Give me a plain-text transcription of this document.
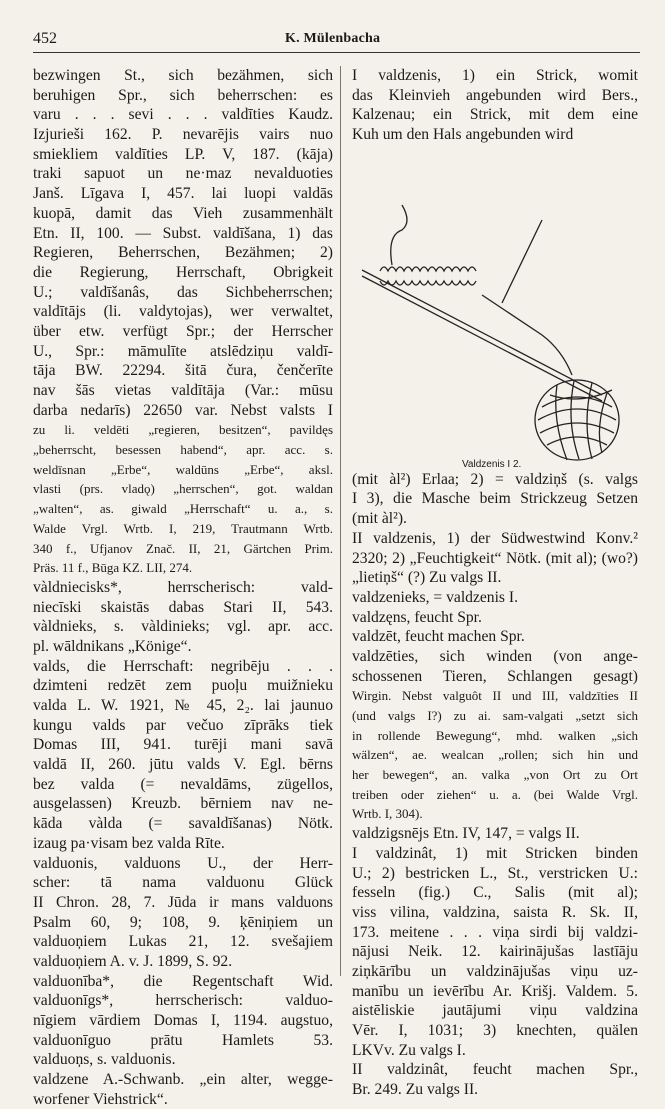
452	K. Mülenbacha
bezwingen St., sich bezähmen, sich
beruhigen Spr., sich beherrschen: es
varu . . . sevi . . . valdīties Kaudz.
Izjurieši 162. P. nevarējis vairs nuo
smiekliem valdīties LP. V, 187. (kāja)
traki sapuot un ne·maz nevalduoties
Janš. Līgava I, 457. lai luopi valdās
kuopā, damit das Vieh zusammenhält
Etn. II, 100. — Subst. valdīšana, 1) das
Regieren, Beherrschen, Bezähmen; 2)
die Regierung, Herrschaft, Obrigkeit
U.; valdīšanâs, das Sichbeherrschen;
valdītājs (li. valdytojas), wer verwaltet,
über etw. verfügt Spr.; der Herrscher
U., Spr.: māmulīte atslēdziņu valdī-
tāja BW. 22294. šitā čura, čenčerīte
nav šās vietas valdītāja (Var.: mūsu
darba nedarīs) 22650 var. Nebst valsts I
zu li. veldēti „regieren, besitzen“, pavildęs
„beherrscht, besessen habend“, apr. acc. s.
weldīsnan „Erbe“, waldūns „Erbe“, aksl.
vlasti (prs. vladǫ) „herrschen“, got. waldan
„walten“, as. giwald „Herrschaft“ u. a., s.
Walde Vrgl. Wrtb. I, 219, Trautmann Wrtb.
340 f., Ufjanov Znač. II, 21, Gärtchen Prim.
Präs. 11 f., Būga KZ. LII, 274.
vàldniecisks*, herrscherisch: vald-
niecīski skaistās dabas Stari II, 543.
vàldnieks, s. vàldinieks; vgl. apr. acc.
pl. wāldnikans „Könige“.
valds, die Herrschaft: negribēju . . .
dzimteni redzēt zem puoļu muižnieku
valda L. W. 1921, № 45, 2₂. lai jaunuo
kungu valds par večuo zīprāks tiek
Domas III, 941. turēji mani savā
valdā II, 260. jūtu valds V. Egl. bērns
bez valda (= nevaldāms, zügellos,
ausgelassen) Kreuzb. bērniem nav ne-
kāda vàlda (= savaldīšanas) Nötk.
izaug pa·visam bez valda Rīte.
valduonis, valduons U., der Herr-
scher: tā nama valduonu Glück
II Chron. 28, 7. Jūda ir mans valduons
Psalm 60, 9; 108, 9. ķēniņiem un
valduoņiem Lukas 21, 12. svešajiem
valduoņiem A. v. J. 1899, S. 92.
valduonība*, die Regentschaft Wid.
valduonīgs*, herrscherisch: valduo-
nīgiem vārdiem Domas I, 1194. augstuo,
valduonīguo prātu Hamlets 53.
valduoņs, s. valduonis.
valdzene A.-Schwanb. „ein alter, wegge-
worfener Viehstrick“.
I valdzenis, 1) ein Strick, womit
das Kleinvieh angebunden wird Bers.,
Kalzenau; ein Strick, mit dem eine
Kuh um den Hals angebunden wird
Valdzenis I 2.
(mit àl²) Erlaa; 2) = valdziņš (s. valgs
I 3), die Masche beim Strickzeug Setzen
(mit àl²).
II valdzenis, 1) der Südwestwind Konv.²
2320; 2) „Feuchtigkeit“ Nötk. (mit al); (wo?)
„lietiņš“ (?) Zu valgs II.
valdzenieks, = valdzenis I.
valdzęns, feucht Spr.
valdzēt, feucht machen Spr.
valdzēties, sich winden (von ange-
schossenen Tieren, Schlangen gesagt)
Wirgin. Nebst valguôt II und III, valdzīties II
(und valgs I?) zu ai. sam-valgati „setzt sich
in rollende Bewegung“, mhd. walken „sich
wälzen“, ae. wealcan „rollen; sich hin und
her bewegen“, an. valka „von Ort zu Ort
treiben oder ziehen“ u. a. (bei Walde Vrgl.
Wrtb. I, 304).
valdzigsnējs Etn. IV, 147, = valgs II.
I valdzinât, 1) mit Stricken binden
U.; 2) bestricken L., St., verstricken U.:
fesseln (fig.) C., Salis (mit al);
viss vilina, valdzina, saista R. Sk. II,
173. meitene . . . viņa sirdi bij valdzi-
nājusi Neik. 12. kairinājušas lastīāju
ziņkārību un valdzinājušas viņu uz-
manību un ievērību Ar. Krišj. Valdem. 5.
aistēliskie jautājumi viņu valdzina
Vēr. I, 1031; 3) knechten, quälen
LKVv. Zu valgs I.
II valdzinât, feucht machen Spr.,
Br. 249. Zu valgs II.
